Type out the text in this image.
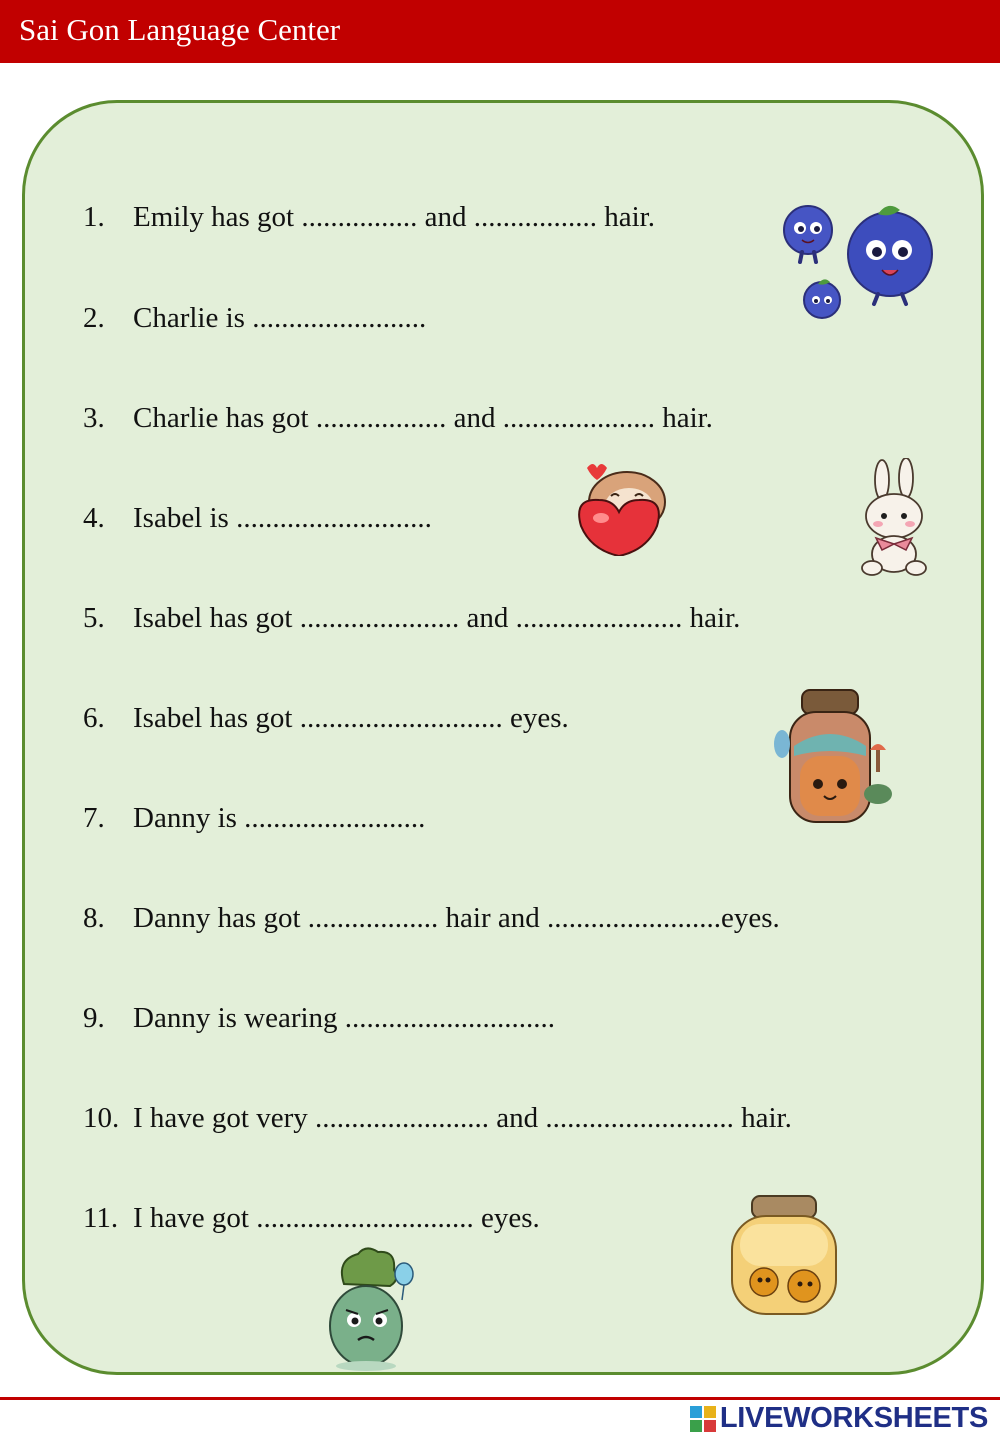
Sai Gon Language Center
1. Emily has got ................ and ................. hair.
2. Charlie is ........................
3. Charlie has got .................. and ..................... hair.
4. Isabel is ...........................
5. Isabel has got ...................... and ....................... hair.
6. Isabel has got ............................ eyes.
7. Danny is .........................
8. Danny has got .................. hair and ........................eyes.
9. Danny is wearing .............................
10. I have got very ........................ and .......................... hair.
11. I have got .............................. eyes.
LIVEWORKSHEETS
